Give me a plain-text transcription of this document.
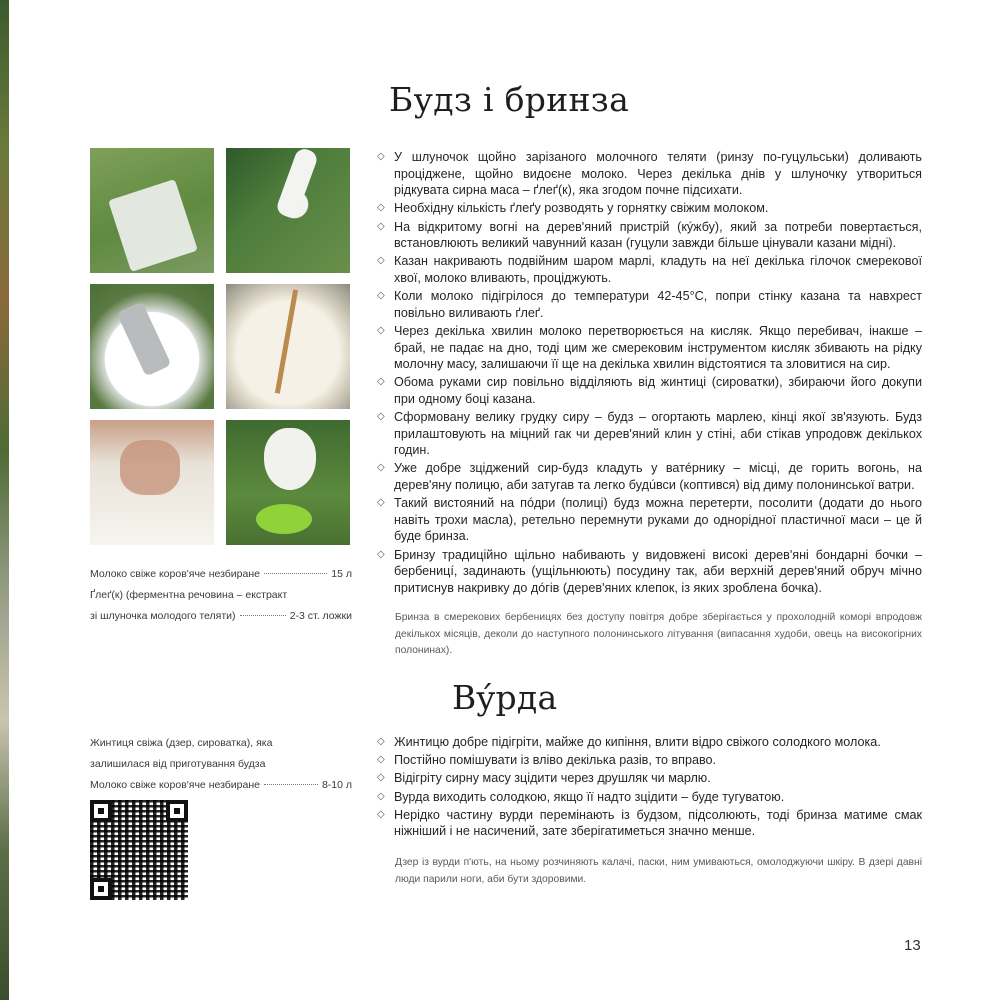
Будз і бринза
Молоко свіже коров'яче незбиране	15 л
Ґлеґ(к) (ферментна речовина – екстракт
зі шлуночка молодого теляти)	2-3 ст. ложки
◇ У шлуночок щойно зарізаного молочного теляти (ринзу по-гуцульськи) доливають проціджене, щойно видоєне молоко. Через декілька днів у шлуночку утвориться рідкувата сирна маса – ґлеґ(к), яка згодом почне підсихати.
◇ Необхідну кількість ґлеґу розводять у горнятку свіжим молоком.
◇ На відкритому вогні на дерев'яний пристрій (кýжбу), який за потреби повертається, встановлюють великий чавунний казан (гуцули завжди більше цінували казани мідні).
◇ Казан накривають подвійним шаром марлі, кладуть на неї декілька гілочок смерекової хвої, молоко вливають, проціджують.
◇ Коли молоко підігрілося до температури 42-45°С, попри стінку казана та навхрест повільно виливають ґлеґ.
◇ Через декілька хвилин молоко перетворюється на кисляк. Якщо перебивач, інакше – брай, не падає на дно, тоді цим же смерековим інструментом кисляк збивають на рідку молочну масу, залишаючи її ще на декілька хвилин відстоятися та зловитися на сир.
◇ Обома руками сир повільно відділяють від жинтиці (сироватки), збираючи його докупи при одному боці казана.
◇ Сформовану велику грудку сиру – будз – огортають марлею, кінці якої зв'язують. Будз прилаштовують на міцний гак чи дерев'яний клин у стіні, аби стікав упродовж декількох годин.
◇ Уже добре зціджений сир-будз кладуть у ватéрнику – місці, де горить вогонь, на дерев'яну полицю, аби затугав та легко будúвси (коптився) від диму полонинської ватри.
◇ Такий вистояний на пóдри (полиці) будз можна перетерти, посолити (додати до нього навіть трохи масла), ретельно перемнути руками до однорідної пластичної маси – це й буде бринза.
◇ Бринзу традиційно щільно набивають у видовжені високі дерев'яні бондарні бочки – бербеницí, задинають (ущільнюють) посудину так, аби верхній дерев'яний обруч мічно притиснув накривку до дóгів (дерев'яних клепок, із яких зроблена бочка).

Бринза в смерекових бербеницях без доступу повітря добре зберігається у прохолодній коморі впродовж декількох місяців, деколи до наступного полонинського літування (випасання худоби, овець на високогірних полонинах).

Вýрда
Жинтиця свіжа (дзер, сироватка), яка
залишилася від приготування будза
Молоко свіже коров'яче незбиране	8-10 л
◇ Жинтицю добре підігріти, майже до кипіння, влити відро свіжого солодкого молока.
◇ Постійно помішувати із вліво декілька разів, то вправо.
◇ Відігріту сирну масу зцідити через друшляк чи марлю.
◇ Вурда виходить солодкою, якщо її надто зцідити – буде тугуватою.
◇ Нерідко частину вурди перемінають із будзом, підсолюють, тоді бринза матиме смак ніжніший і не насичений, зате зберігатиметься значно менше.

Дзер із вурди п'ють, на ньому розчиняють калачі, паски, ним умиваються, омолоджуючи шкіру. В дзері давні люди парили ноги, аби бути здоровими.

13
